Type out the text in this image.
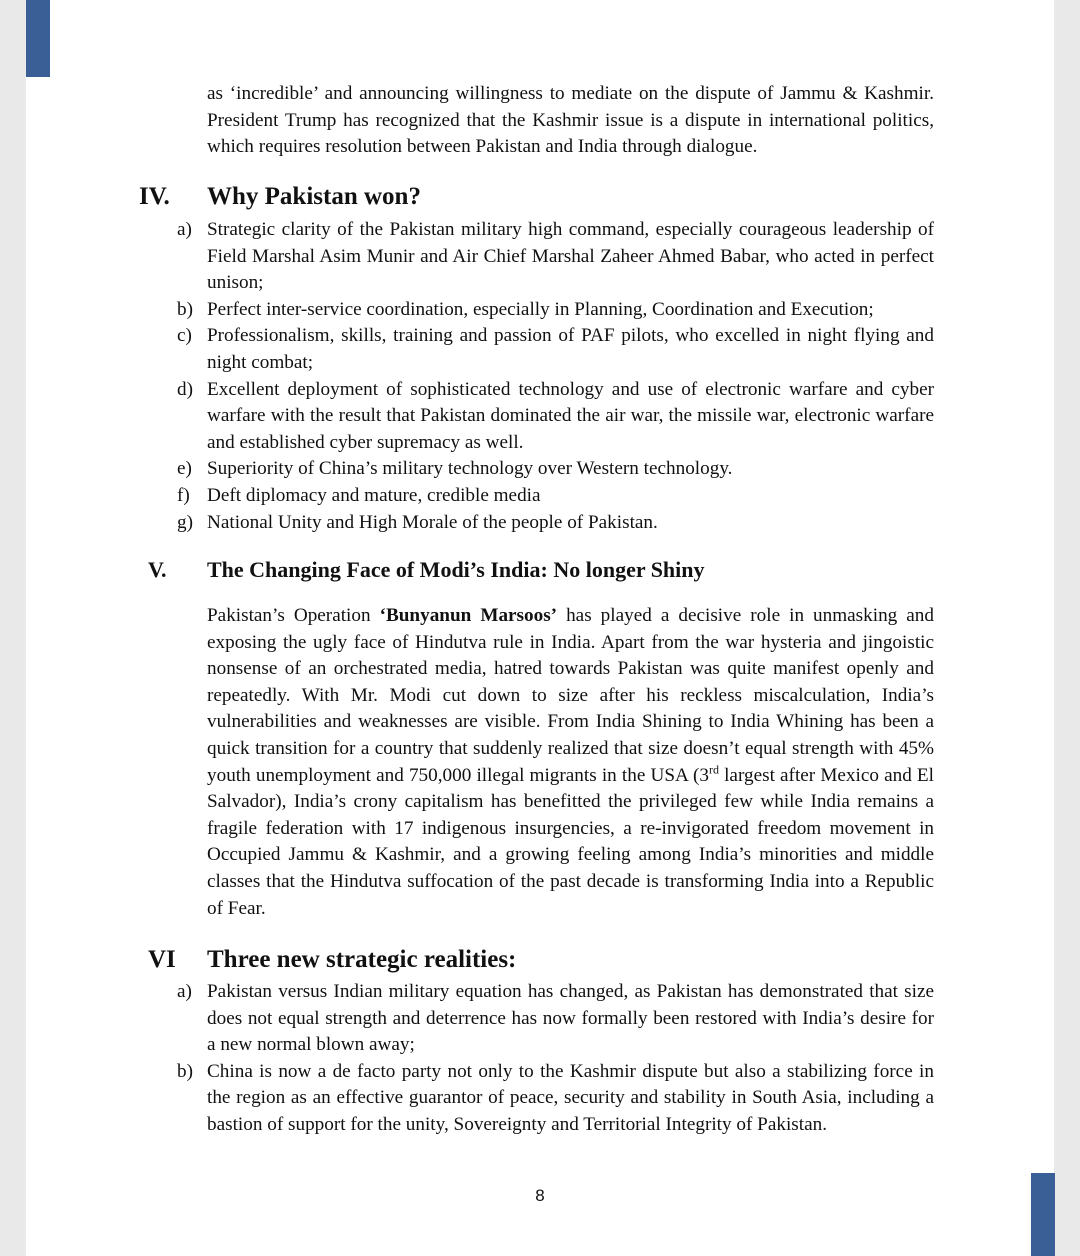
as ‘incredible’ and announcing willingness to mediate on the dispute of Jammu & Kashmir. President Trump has recognized that the Kashmir issue is a dispute in international politics, which requires resolution between Pakistan and India through dialogue.

IV. Why Pakistan won?
a) Strategic clarity of the Pakistan military high command, especially courageous leadership of Field Marshal Asim Munir and Air Chief Marshal Zaheer Ahmed Babar, who acted in perfect unison;
b) Perfect inter-service coordination, especially in Planning, Coordination and Execution;
c) Professionalism, skills, training and passion of PAF pilots, who excelled in night flying and night combat;
d) Excellent deployment of sophisticated technology and use of electronic warfare and cyber warfare with the result that Pakistan dominated the air war, the missile war, electronic warfare and established cyber supremacy as well.
e) Superiority of China’s military technology over Western technology.
f) Deft diplomacy and mature, credible media
g) National Unity and High Morale of the people of Pakistan.
V. The Changing Face of Modi’s India: No longer Shiny

Pakistan’s Operation ‘Bunyanun Marsoos’ has played a decisive role in unmasking and exposing the ugly face of Hindutva rule in India. Apart from the war hysteria and jingoistic nonsense of an orchestrated media, hatred towards Pakistan was quite manifest openly and repeatedly. With Mr. Modi cut down to size after his reckless miscalculation, India’s vulnerabilities and weaknesses are visible. From India Shining to India Whining has been a quick transition for a country that suddenly realized that size doesn’t equal strength with 45% youth unemployment and 750,000 illegal migrants in the USA (3rd largest after Mexico and El Salvador), India’s crony capitalism has benefitted the privileged few while India remains a fragile federation with 17 indigenous insurgencies, a re-invigorated freedom movement in Occupied Jammu & Kashmir, and a growing feeling among India’s minorities and middle classes that the Hindutva suffocation of the past decade is transforming India into a Republic of Fear.

VI Three new strategic realities:
a) Pakistan versus Indian military equation has changed, as Pakistan has demonstrated that size does not equal strength and deterrence has now formally been restored with India’s desire for a new normal blown away;
b) China is now a de facto party not only to the Kashmir dispute but also a stabilizing force in the region as an effective guarantor of peace, security and stability in South Asia, including a bastion of support for the unity, Sovereignty and Territorial Integrity of Pakistan.
8
